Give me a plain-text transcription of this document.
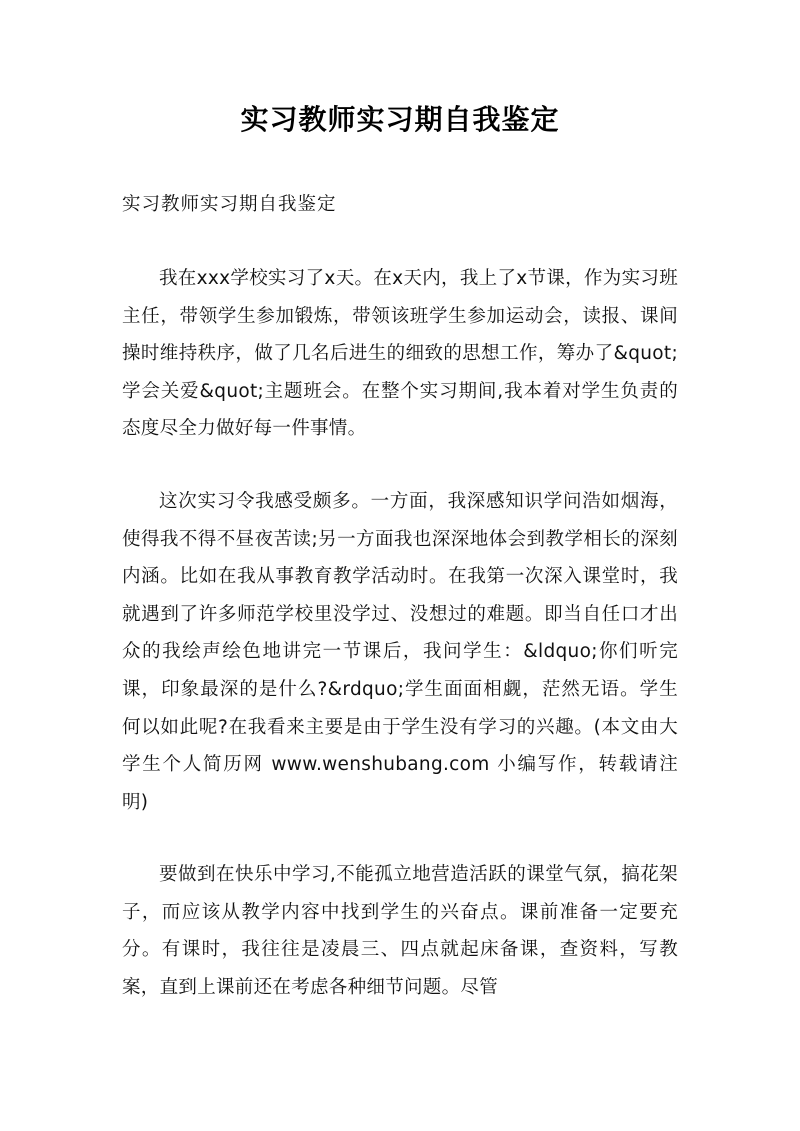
实习教师实习期自我鉴定
实习教师实习期自我鉴定

我在xxx学校实习了x天。在x天内，我上了x节课，作为实习班主任，带领学生参加锻炼，带领该班学生参加运动会，读报、课间操时维持秩序，做了几名后进生的细致的思想工作，筹办了&quot;学会关爱&quot;主题班会。在整个实习期间,我本着对学生负责的态度尽全力做好每一件事情。

这次实习令我感受颇多。一方面，我深感知识学问浩如烟海，使得我不得不昼夜苦读;另一方面我也深深地体会到教学相长的深刻内涵。比如在我从事教育教学活动时。在我第一次深入课堂时，我就遇到了许多师范学校里没学过、没想过的难题。即当自任口才出众的我绘声绘色地讲完一节课后，我问学生：&ldquo;你们听完课，印象最深的是什么?&rdquo;学生面面相觑，茫然无语。学生何以如此呢?在我看来主要是由于学生没有学习的兴趣。(本文由大学生个人简历网 www.wenshubang.com 小编写作，转载请注明)

要做到在快乐中学习,不能孤立地营造活跃的课堂气氛，搞花架子，而应该从教学内容中找到学生的兴奋点。课前准备一定要充分。有课时，我往往是凌晨三、四点就起床备课，查资料，写教案，直到上课前还在考虑各种细节问题。尽管
